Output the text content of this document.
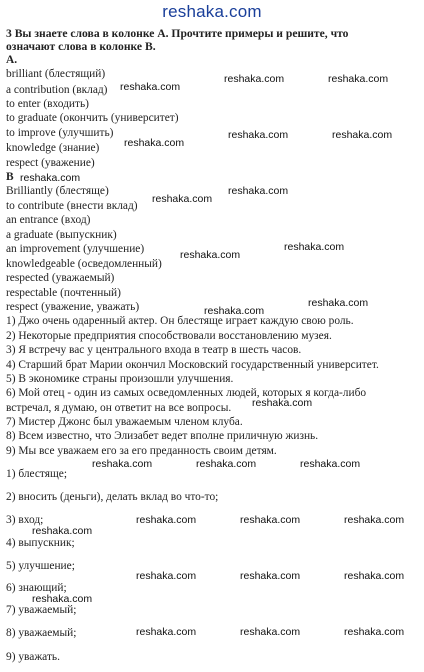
reshaka.com
3 Вы знаете слова в колонке А. Прочтите примеры и решите, что
означают слова в колонке В.
А.
brilliant (блестящий)
a contribution (вклад)
to enter (входить)
to graduate (окончить (университет)
to improve (улучшить)
knowledge (знание)
respect (уважение)
В
Brilliantly (блестяще)
to contribute (внести вклад)
an entrance (вход)
a graduate (выпускник)
an improvement (улучшение)
knowledgeable (осведомленный)
respected (уважаемый)
respectable (почтенный)
respect (уважение, уважать)
1) Джо очень одаренный актер. Он блестяще играет каждую свою роль.
2) Некоторые предприятия способствовали восстановлению музея.
3) Я встречу вас у центрального входа в театр в шесть часов.
4) Старший брат Марии окончил Московский государственный университет.
5) В экономике страны произошли улучшения.
6) Мой отец - один из самых осведомленных людей, которых я когда-либо
встречал, я думаю, он ответит на все вопросы.
7) Мистер Джонс был уважаемым членом клуба.
8) Всем известно, что Элизабет ведет вполне приличную жизнь.
9) Мы все уважаем его за его преданность своим детям.
1) блестяще;
2) вносить (деньги), делать вклад во что-то;
3) вход;
4) выпускник;
5) улучшение;
6) знающий;
7) уважаемый;
8) уважаемый;
9) уважать.
reshaka.com	reshaka.com
reshaka.com
reshaka.com	reshaka.com
reshaka.com
reshaka.com
reshaka.com
reshaka.com
reshaka.com
reshaka.com
reshaka.com
reshaka.com
reshaka.com
reshaka.com	reshaka.com	reshaka.com
reshaka.com	reshaka.com	reshaka.com
reshaka.com
reshaka.com	reshaka.com	reshaka.com
reshaka.com
reshaka.com	reshaka.com	reshaka.com
